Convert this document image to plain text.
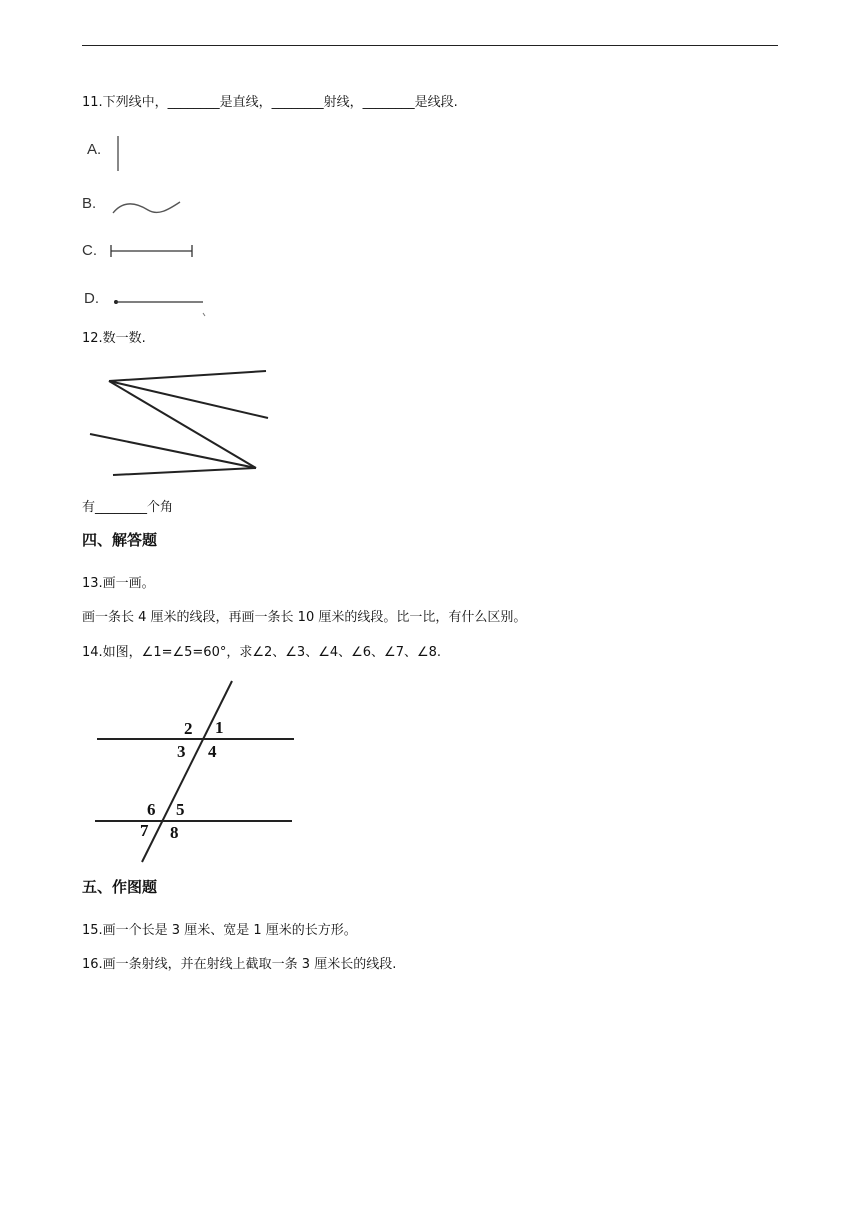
11.下列线中，________是直线，________射线，________是线段.
A.
B.
C.
D.
12.数一数.
有________个角
四、解答题
13.画一画。
画一条长 4 厘米的线段，再画一条长 10 厘米的线段。比一比，有什么区别。
14.如图，∠1=∠5=60°，求∠2、∠3、∠4、∠6、∠7、∠8.
2 1
3 4
6 5
7 8
五、作图题
15.画一个长是 3 厘米、宽是 1 厘米的长方形。
16.画一条射线，并在射线上截取一条 3 厘米长的线段.
